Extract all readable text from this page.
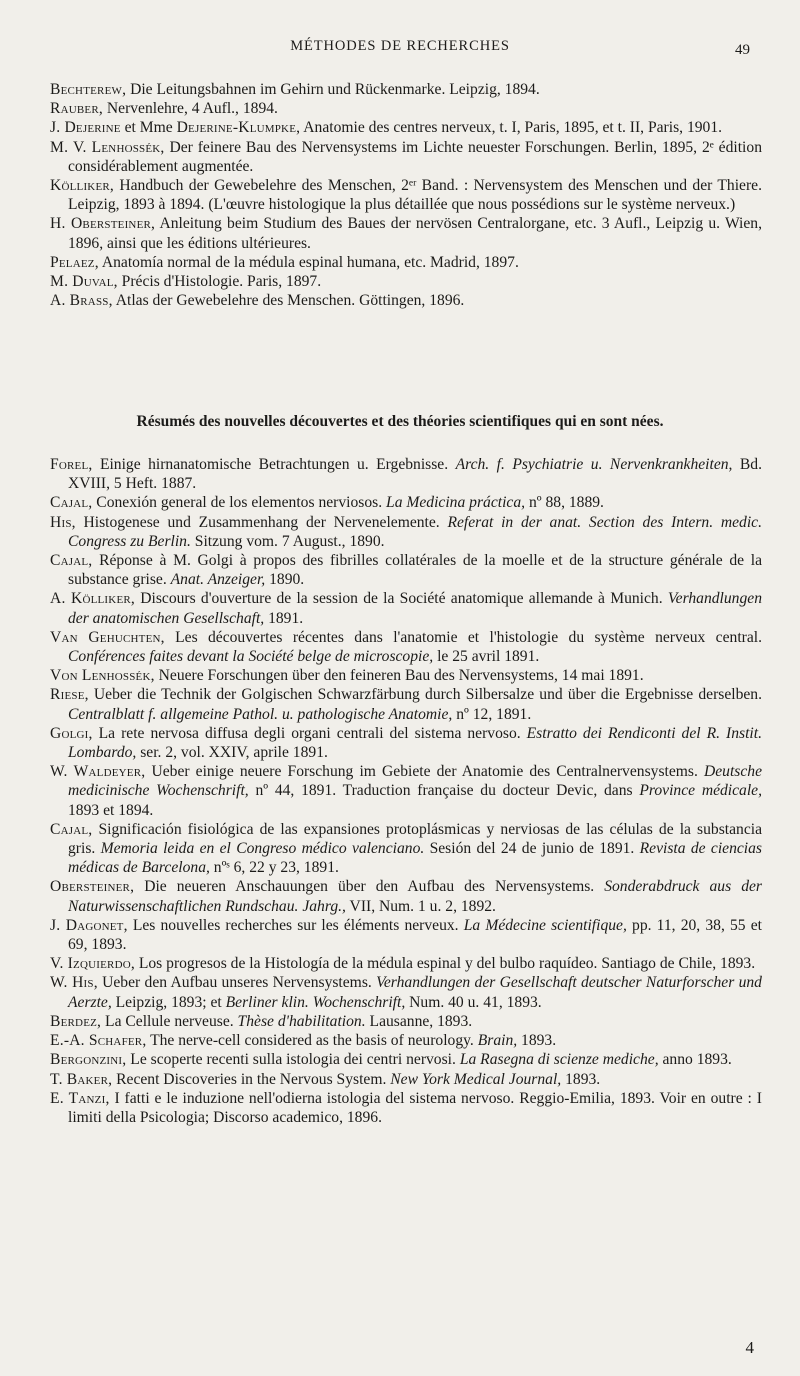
MÉTHODES DE RECHERCHES	49

Bechterew, Die Leitungsbahnen im Gehirn und Rückenmarke. Leipzig, 1894.

Rauber, Nervenlehre, 4 Aufl., 1894.

J. Dejerine et Mme Dejerine-Klumpke, Anatomie des centres nerveux, t. I, Paris, 1895, et t. II, Paris, 1901.

M. V. Lenhossék, Der feinere Bau des Nervensystems im Lichte neuester Forschungen. Berlin, 1895, 2ᵉ édition considérablement augmentée.

Kölliker, Handbuch der Gewebelehre des Menschen, 2ᵉʳ Band. : Nervensystem des Menschen und der Thiere. Leipzig, 1893 à 1894. (L'œuvre histologique la plus détaillée que nous possédions sur le système nerveux.)

H. Obersteiner, Anleitung beim Studium des Baues der nervösen Centralorgane, etc. 3 Aufl., Leipzig u. Wien, 1896, ainsi que les éditions ultérieures.

Pelaez, Anatomía normal de la médula espinal humana, etc. Madrid, 1897.

M. Duval, Précis d'Histologie. Paris, 1897.

A. Brass, Atlas der Gewebelehre des Menschen. Göttingen, 1896.

Résumés des nouvelles découvertes et des théories scientifiques qui en sont nées.

Forel, Einige hirnanatomische Betrachtungen u. Ergebnisse. Arch. f. Psychiatrie u. Nervenkrankheiten, Bd. XVIII, 5 Heft. 1887.

Cajal, Conexión general de los elementos nerviosos. La Medicina práctica, nº 88, 1889.

His, Histogenese und Zusammenhang der Nervenelemente. Referat in der anat. Section des Intern. medic. Congress zu Berlin. Sitzung vom. 7 August., 1890.

Cajal, Réponse à M. Golgi à propos des fibrilles collatérales de la moelle et de la structure générale de la substance grise. Anat. Anzeiger, 1890.

A. Kölliker, Discours d'ouverture de la session de la Société anatomique allemande à Munich. Verhandlungen der anatomischen Gesellschaft, 1891.

Van Gehuchten, Les découvertes récentes dans l'anatomie et l'histologie du système nerveux central. Conférences faites devant la Société belge de microscopie, le 25 avril 1891.

Von Lenhossék, Neuere Forschungen über den feineren Bau des Nervensystems, 14 mai 1891.

Riese, Ueber die Technik der Golgischen Schwarzfärbung durch Silbersalze und über die Ergebnisse derselben. Centralblatt f. allgemeine Pathol. u. pathologische Anatomie, nº 12, 1891.

Golgi, La rete nervosa diffusa degli organi centrali del sistema nervoso. Estratto dei Rendiconti del R. Instit. Lombardo, ser. 2, vol. XXIV, aprile 1891.

W. Waldeyer, Ueber einige neuere Forschung im Gebiete der Anatomie des Centralnervensystems. Deutsche medicinische Wochenschrift, nº 44, 1891. Traduction française du docteur Devic, dans Province médicale, 1893 et 1894.

Cajal, Significación fisiológica de las expansiones protoplásmicas y nerviosas de las células de la substancia gris. Memoria leida en el Congreso médico valenciano. Sesión del 24 de junio de 1891. Revista de ciencias médicas de Barcelona, nºˢ 6, 22 y 23, 1891.

Obersteiner, Die neueren Anschauungen über den Aufbau des Nervensystems. Sonderabdruck aus der Naturwissenschaftlichen Rundschau. Jahrg., VII, Num. 1 u. 2, 1892.

J. Dagonet, Les nouvelles recherches sur les éléments nerveux. La Médecine scientifique, pp. 11, 20, 38, 55 et 69, 1893.

V. Izquierdo, Los progresos de la Histología de la médula espinal y del bulbo raquídeo. Santiago de Chile, 1893.

W. His, Ueber den Aufbau unseres Nervensystems. Verhandlungen der Gesellschaft deutscher Naturforscher und Aerzte, Leipzig, 1893; et Berliner klin. Wochenschrift, Num. 40 u. 41, 1893.

Berdez, La Cellule nerveuse. Thèse d'habilitation. Lausanne, 1893.

E.-A. Schafer, The nerve-cell considered as the basis of neurology. Brain, 1893.

Bergonzini, Le scoperte recenti sulla istologia dei centri nervosi. La Rasegna di scienze mediche, anno 1893.

T. Baker, Recent Discoveries in the Nervous System. New York Medical Journal, 1893.

E. Tanzi, I fatti e le induzione nell'odierna istologia del sistema nervoso. Reggio-Emilia, 1893. Voir en outre : I limiti della Psicologia; Discorso academico, 1896.

4
